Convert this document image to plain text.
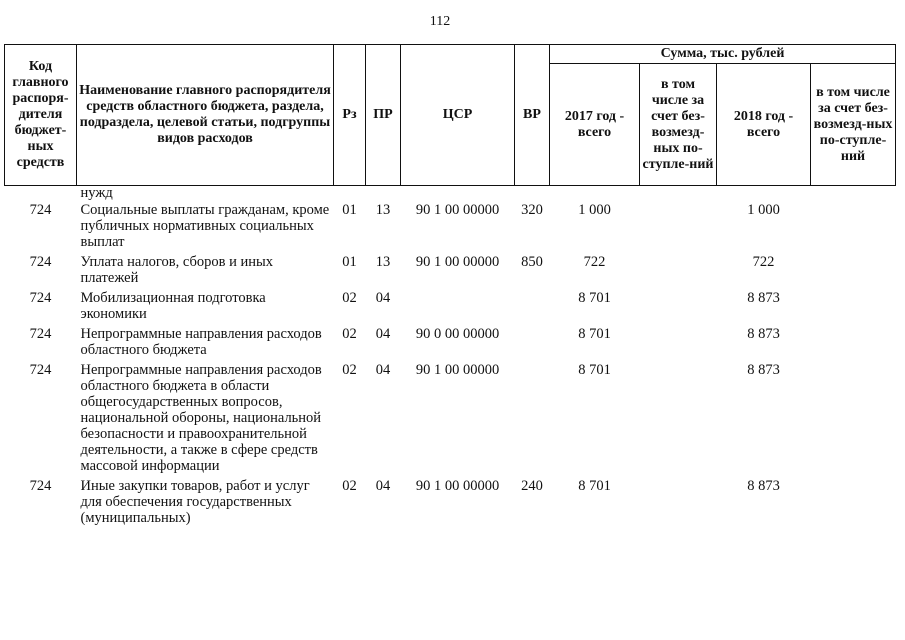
112
Код главного распоря-дителя бюджет-ных средств	Наименование главного распорядителя средств областного бюджета, раздела, подраздела, целевой статьи, подгруппы видов расходов	Рз	ПР	ЦСР	ВР	Сумма, тыс. рублей			
						2017 год - всего	в том числе за счет без-возмезд-ных по-ступле-ний	2018 год - всего	в том числе за счет без-возмезд-ных по-ступле-ний
	нужд								
724	Социальные выплаты гражданам, кроме публичных нормативных социальных выплат	01	13	90 1 00 00000	320	1 000		1 000	
724	Уплата налогов, сборов и иных платежей	01	13	90 1 00 00000	850	722		722	
724	Мобилизационная подготовка экономики	02	04			8 701		8 873	
724	Непрограммные направления расходов областного бюджета	02	04	90 0 00 00000		8 701		8 873	
724	Непрограммные направления расходов областного бюджета в области общегосударственных вопросов, национальной обороны, национальной безопасности и правоохранительной деятельности, а также в сфере средств массовой информации	02	04	90 1 00 00000		8 701		8 873	
724	Иные закупки товаров, работ и услуг для обеспечения государственных (муниципальных)	02	04	90 1 00 00000	240	8 701		8 873	
